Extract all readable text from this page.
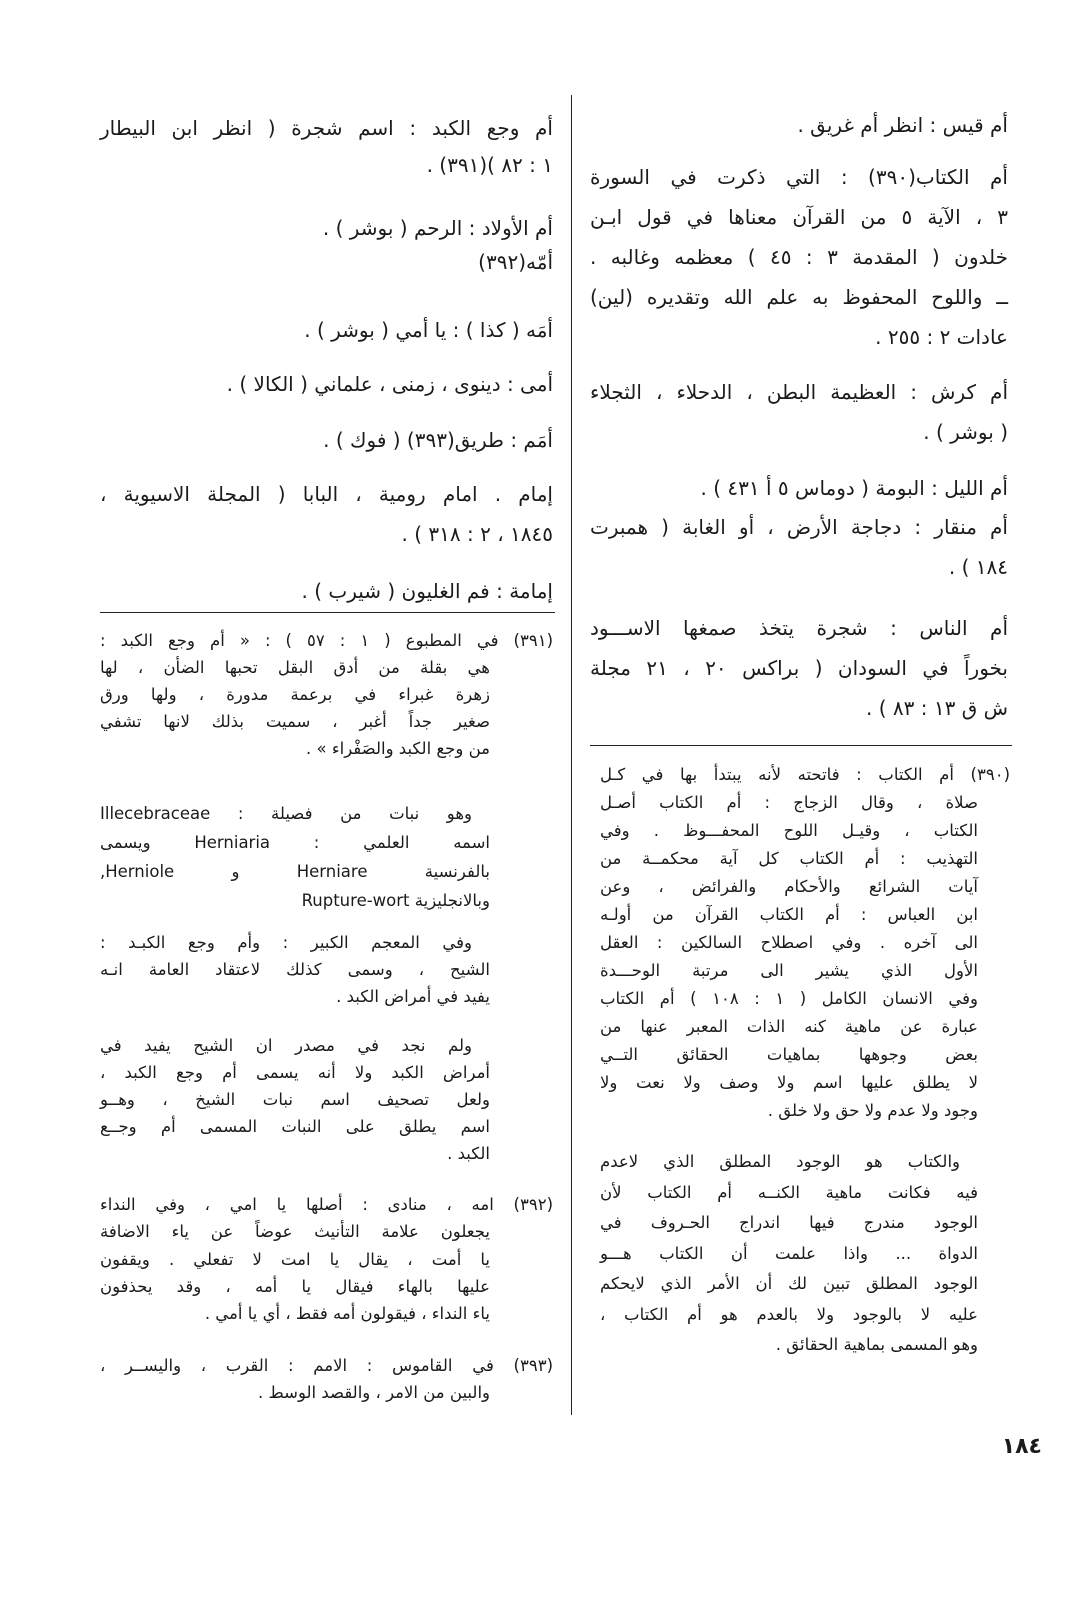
أم قيس : انظر أم غريق .
أم الكتاب(٣٩٠) : التي ذكرت في السورة
٣ ، الآية ٥ من القرآن معناها في قول ابـن
خلدون ( المقدمة ٣ : ٤٥ ) معظمه وغالبه .
ــ واللوح المحفوظ به علم الله وتقديره (لين)
عادات ٢ : ٢٥٥ .
أم كرش : العظيمة البطن ، الدحلاء ، الثجلاء
( بوشر ) .
أم الليل : البومة ( دوماس ٥ أ ٤٣١ ) .
أم منقار : دجاجة الأرض ، أو الغابة ( همبرت
١٨٤ ) .
أم الناس : شجرة يتخذ صمغها الاســـود
بخوراً في السودان ( براكس ٢٠ ، ٢١ مجلة
ش ق ١٣ : ٨٣ ) .
(٣٩٠) أم الكتاب : فاتحته لأنه يبتدأ بها في كـل
صلاة ، وقال الزجاج : أم الكتاب أصـل
الكتاب ، وقيـل اللوح المحفـــوظ . وفي
التهذيب : أم الكتاب كل آية محكمــة من
آيات الشرائع والأحكام والفرائض ، وعن
ابن العباس : أم الكتاب القرآن من أولـه
الى آخره . وفي اصطلاح السالكين : العقل
الأول الذي يشير الى مرتبة الوحـــدة
وفي الانسان الكامل ( ١ : ١٠٨ ) أم الكتاب
عبارة عن ماهية كنه الذات المعبر عنها من
بعض وجوهها بماهيات الحقائق التــي
لا يطلق عليها اسم ولا وصف ولا نعت ولا
وجود ولا عدم ولا حق ولا خلق .
والكتاب هو الوجود المطلق الذي لاعدم
فيه فكانت ماهية الكنــه أم الكتاب لأن
الوجود مندرج فيها اندراج الحـروف في
الدواة ... واذا علمت أن الكتاب هـــو
الوجود المطلق تبين لك أن الأمر الذي لايحكم
عليه لا بالوجود ولا بالعدم هو أم الكتاب ،
وهو المسمى بماهية الحقائق .
أم وجع الكبد : اسم شجرة ( انظر ابن البيطار
١ : ٨٢ )(٣٩١) .
أم الأولاد : الرحم ( بوشر ) .
أمّه(٣٩٢)
أمَه ( كذا ) : يا أمي ( بوشر ) .
أمى : دينوى ، زمنى ، علماني ( الكالا ) .
أمَم : طريق(٣٩٣) ( فوك ) .
إمام . امام رومية ، البابا ( المجلة الاسيوية ،
١٨٤٥ ، ٢ : ٣١٨ ) .
إمامة : فم الغليون ( شيرب ) .
(٣٩١) في المطبوع ( ١ : ٥٧ ) : « أم وجع الكبد :
هي بقلة من أدق البقل تحبها الضأن ، لها
زهرة غبراء في برعمة مدورة ، ولها ورق
صغير جداً أغبر ، سميت بذلك لانها تشفي
من وجع الكبد والصَفْراء » .
وهو نبات من فصيلة : Illecebraceae
اسمه العلمي : Herniaria ويسمى
بالفرنسية Herniare و Herniole,
وبالانجليزية Rupture-wort
وفي المعجم الكبير : وأم وجع الكبـد :
الشيح ، وسمى كذلك لاعتقاد العامة انـه
يفيد في أمراض الكبد .
ولم نجد في مصدر ان الشيح يفيد في
أمراض الكبد ولا أنه يسمى أم وجع الكبد ،
ولعل تصحيف اسم نبات الشيخ ، وهــو
اسم يطلق على النبات المسمى أم وجــع
الكبد .
(٣٩٢) امه ، منادى : أصلها يا امي ، وفي النداء
يجعلون علامة التأنيث عوضاً عن ياء الاضافة
يا أمت ، يقال يا امت لا تفعلي . ويقفون
عليها بالهاء فيقال يا أمه ، وقد يحذفون
ياء النداء ، فيقولون أمه فقط ، أي يا أمي .
(٣٩٣) في القاموس : الامم : القرب ، واليســر ،
والبين من الامر ، والقصد الوسط .
١٨٤
